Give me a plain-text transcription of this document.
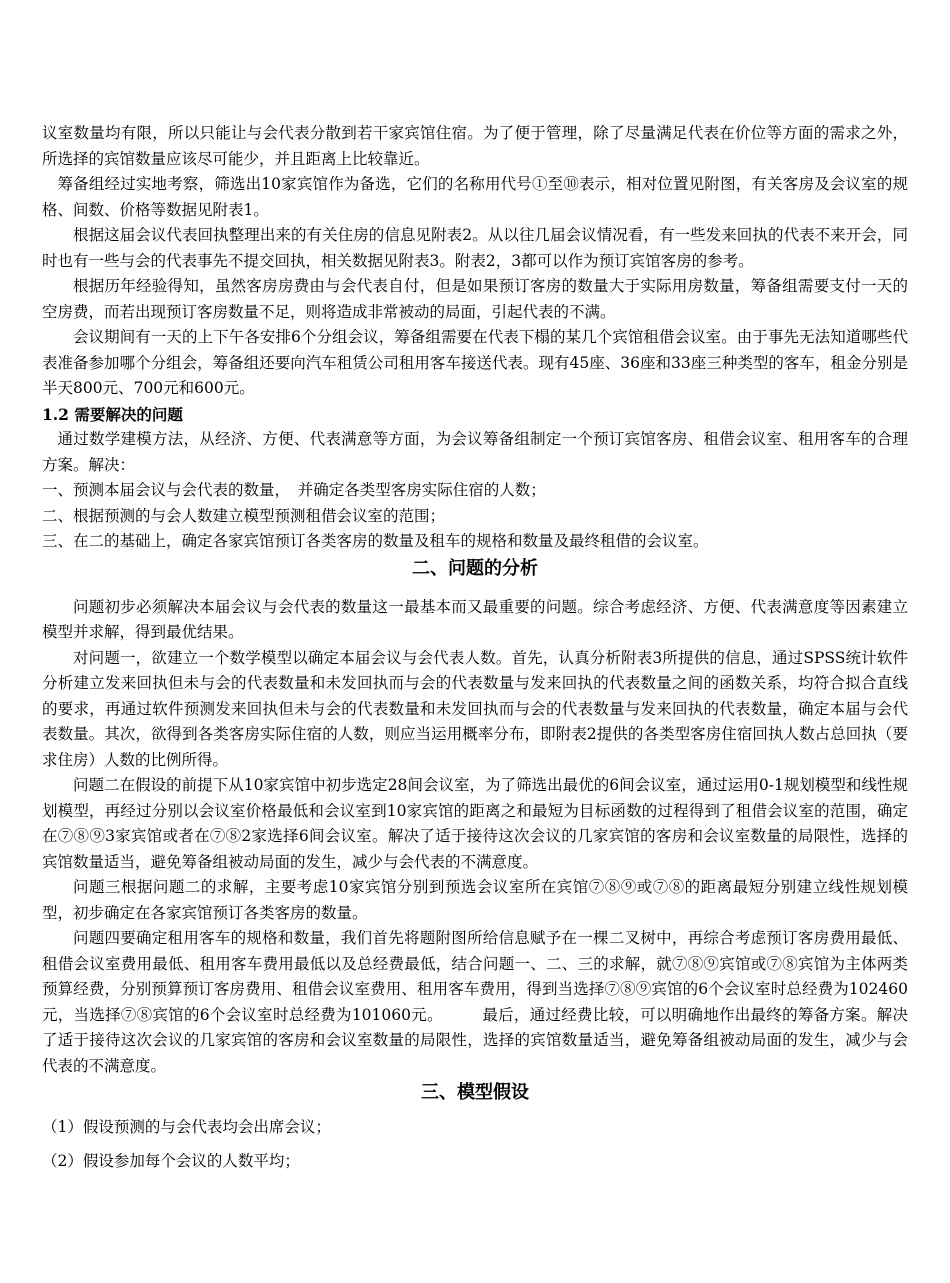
议室数量均有限，所以只能让与会代表分散到若干家宾馆住宿。为了便于管理，除了尽量满足代表在价位等方面的需求之外，所选择的宾馆数量应该尽可能少，并且距离上比较靠近。

筹备组经过实地考察，筛选出10家宾馆作为备选，它们的名称用代号①至⑩表示，相对位置见附图，有关客房及会议室的规格、间数、价格等数据见附表1。

根据这届会议代表回执整理出来的有关住房的信息见附表2。从以往几届会议情况看，有一些发来回执的代表不来开会，同时也有一些与会的代表事先不提交回执，相关数据见附表3。附表2，3都可以作为预订宾馆客房的参考。

根据历年经验得知，虽然客房房费由与会代表自付，但是如果预订客房的数量大于实际用房数量，筹备组需要支付一天的空房费，而若出现预订客房数量不足，则将造成非常被动的局面，引起代表的不满。

会议期间有一天的上下午各安排6个分组会议，筹备组需要在代表下榻的某几个宾馆租借会议室。由于事先无法知道哪些代表准备参加哪个分组会，筹备组还要向汽车租赁公司租用客车接送代表。现有45座、36座和33座三种类型的客车，租金分别是半天800元、700元和600元。

1.2 需要解决的问题

通过数学建模方法，从经济、方便、代表满意等方面，为会议筹备组制定一个预订宾馆客房、租借会议室、租用客车的合理方案。解决：

一、预测本届会议与会代表的数量，　并确定各类型客房实际住宿的人数；

二、根据预测的与会人数建立模型预测租借会议室的范围；

三、在二的基础上，确定各家宾馆预订各类客房的数量及租车的规格和数量及最终租借的会议室。

二、问题的分析

问题初步必须解决本届会议与会代表的数量这一最基本而又最重要的问题。综合考虑经济、方便、代表满意度等因素建立模型并求解，得到最优结果。

对问题一，欲建立一个数学模型以确定本届会议与会代表人数。首先，认真分析附表3所提供的信息，通过SPSS统计软件分析建立发来回执但未与会的代表数量和未发回执而与会的代表数量与发来回执的代表数量之间的函数关系，均符合拟合直线的要求，再通过软件预测发来回执但未与会的代表数量和未发回执而与会的代表数量与发来回执的代表数量，确定本届与会代表数量。其次，欲得到各类客房实际住宿的人数，则应当运用概率分布，即附表2提供的各类型客房住宿回执人数占总回执（要求住房）人数的比例所得。

问题二在假设的前提下从10家宾馆中初步选定28间会议室，为了筛选出最优的6间会议室，通过运用0-1规划模型和线性规划模型，再经过分别以会议室价格最低和会议室到10家宾馆的距离之和最短为目标函数的过程得到了租借会议室的范围，确定在⑦⑧⑨3家宾馆或者在⑦⑧2家选择6间会议室。解决了适于接待这次会议的几家宾馆的客房和会议室数量的局限性，选择的宾馆数量适当，避免筹备组被动局面的发生，减少与会代表的不满意度。

问题三根据问题二的求解，主要考虑10家宾馆分别到预选会议室所在宾馆⑦⑧⑨或⑦⑧的距离最短分别建立线性规划模型，初步确定在各家宾馆预订各类客房的数量。

问题四要确定租用客车的规格和数量，我们首先将题附图所给信息赋予在一棵二叉树中，再综合考虑预订客房费用最低、租借会议室费用最低、租用客车费用最低以及总经费最低，结合问题一、二、三的求解，就⑦⑧⑨宾馆或⑦⑧宾馆为主体两类预算经费，分别预算预订客房费用、租借会议室费用、租用客车费用，得到当选择⑦⑧⑨宾馆的6个会议室时总经费为102460元，当选择⑦⑧宾馆的6个会议室时总经费为101060元。　　　最后，通过经费比较，可以明确地作出最终的筹备方案。解决了适于接待这次会议的几家宾馆的客房和会议室数量的局限性，选择的宾馆数量适当，避免筹备组被动局面的发生，减少与会代表的不满意度。

三、模型假设

（1）假设预测的与会代表均会出席会议；

（2）假设参加每个会议的人数平均；
